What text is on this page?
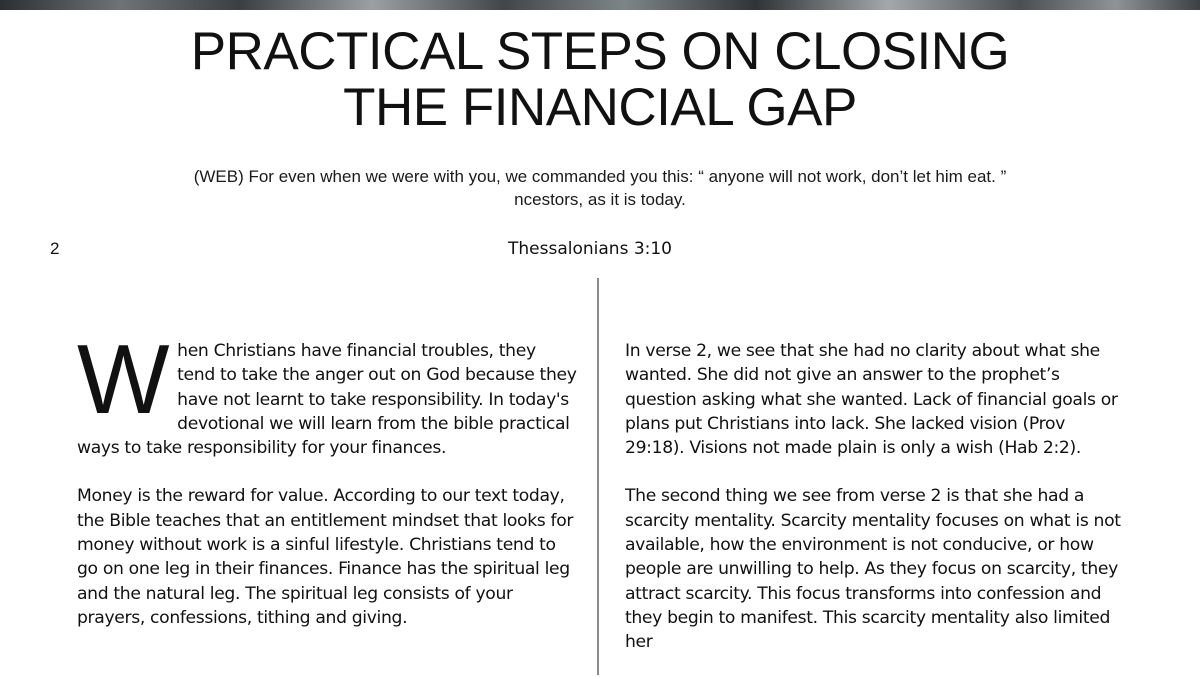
PRACTICAL STEPS ON CLOSING
THE FINANCIAL GAP
(WEB) For even when we were with you, we commanded you this: “ anyone will not work, don’t let him eat. ”
ncestors, as it is today.
2	Thessalonians 3:10

When Christians have financial troubles, they tend to take the anger out on God because they have not learnt to take responsibility. In today's devotional we will learn from the bible practical ways to take responsibility for your finances.

Money is the reward for value. According to our text today, the Bible teaches that an entitlement mindset that looks for money without work is a sinful lifestyle. Christians tend to go on one leg in their finances. Finance has the spiritual leg and the natural leg. The spiritual leg consists of your prayers, confessions, tithing and giving.

In verse 2, we see that she had no clarity about what she wanted. She did not give an answer to the prophet’s question asking what she wanted. Lack of financial goals or plans put Christians into lack. She lacked vision (Prov 29:18). Visions not made plain is only a wish (Hab 2:2).

The second thing we see from verse 2 is that she had a scarcity mentality. Scarcity mentality focuses on what is not available, how the environment is not conducive, or how people are unwilling to help. As they focus on scarcity, they attract scarcity. This focus transforms into confession and they begin to manifest. This scarcity mentality also limited her
